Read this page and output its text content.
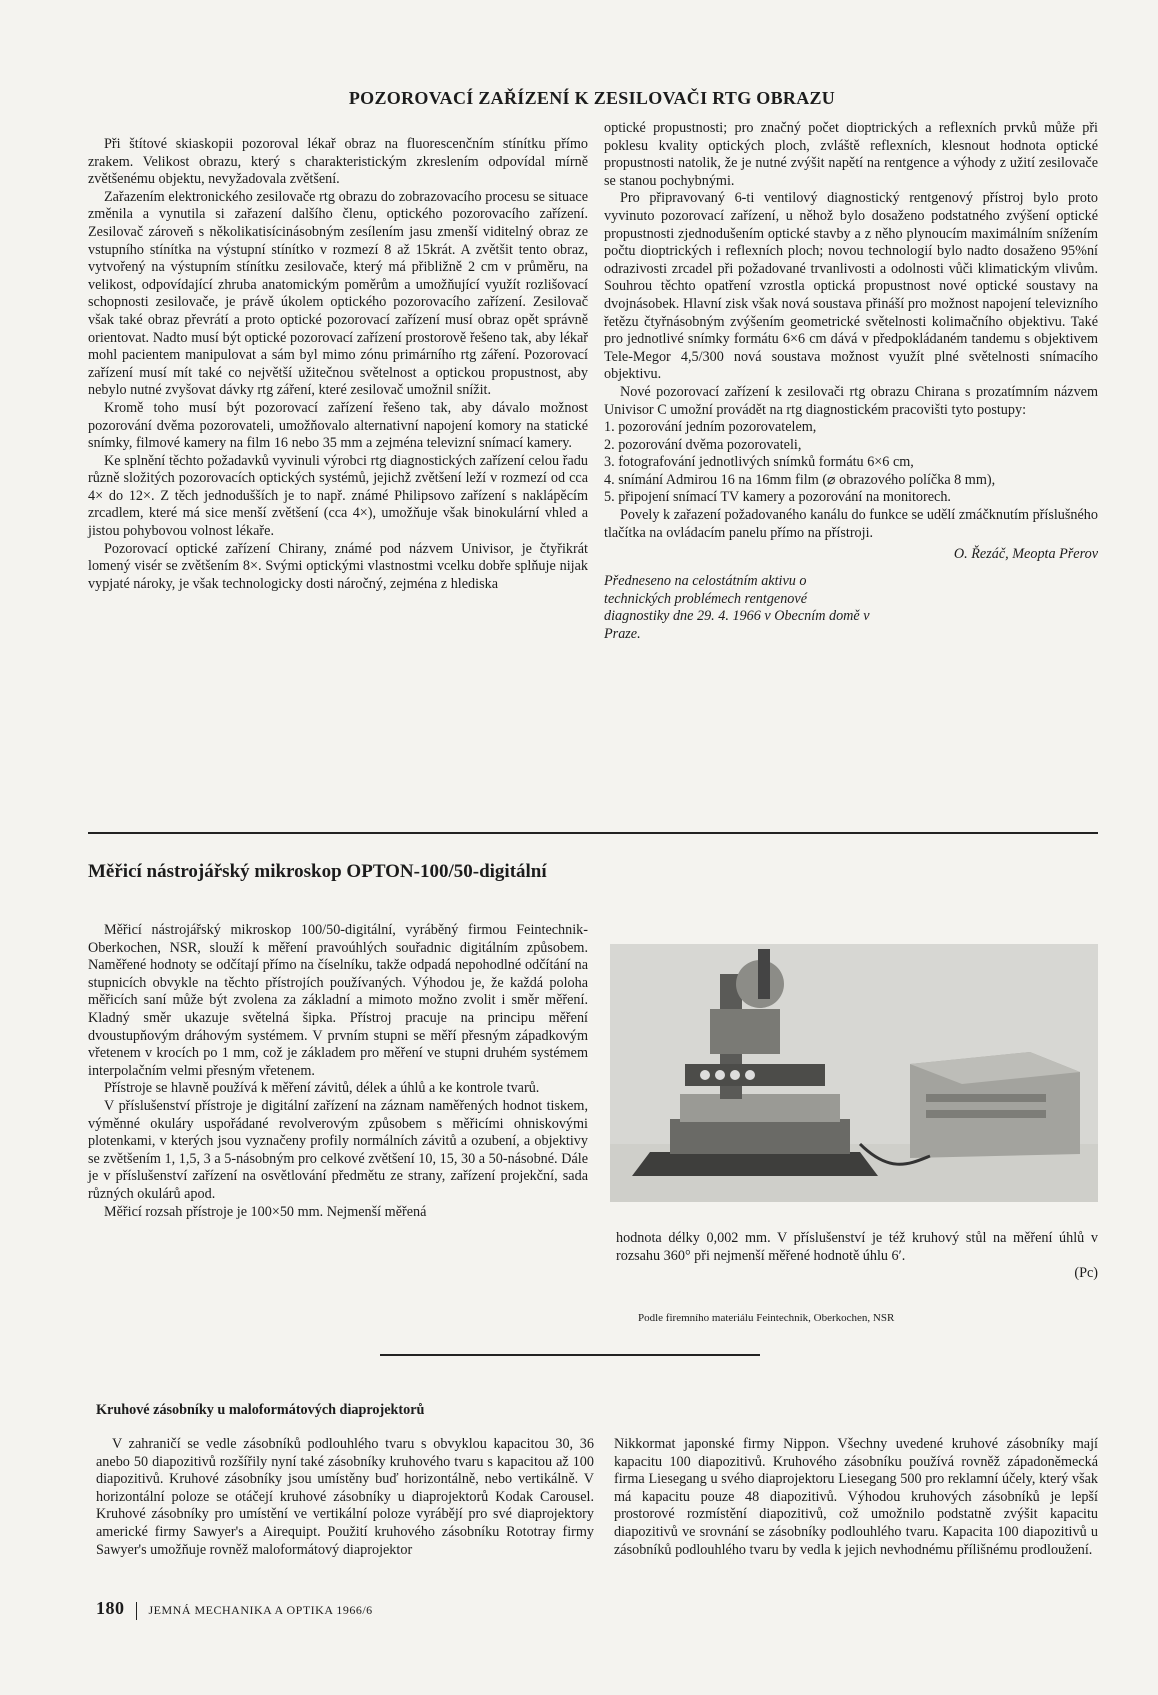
POZOROVACÍ ZAŘÍZENÍ K ZESILOVAČI RTG OBRAZU

Při štítové skiaskopii pozoroval lékař obraz na fluorescenčním stínítku přímo zrakem. Velikost obrazu, který s charakteristickým zkreslením odpovídal mírně zvětšenému objektu, nevyžadovala zvětšení.

Zařazením elektronického zesilovače rtg obrazu do zobrazovacího procesu se situace změnila a vynutila si zařazení dalšího členu, optického pozorovacího zařízení. Zesilovač zároveň s několikatisícinásobným zesílením jasu zmenší viditelný obraz ze vstupního stínítka na výstupní stínítko v rozmezí 8 až 15krát. A zvětšit tento obraz, vytvořený na výstupním stínítku zesilovače, který má přibližně 2 cm v průměru, na velikost, odpovídající zhruba anatomickým poměrům a umožňující využít rozlišovací schopnosti zesilovače, je právě úkolem optického pozorovacího zařízení. Zesilovač však také obraz převrátí a proto optické pozorovací zařízení musí obraz opět správně orientovat. Nadto musí být optické pozorovací zařízení prostorově řešeno tak, aby lékař mohl pacientem manipulovat a sám byl mimo zónu primárního rtg záření. Pozorovací zařízení musí mít také co největší užitečnou světelnost a optickou propustnost, aby nebylo nutné zvyšovat dávky rtg záření, které zesilovač umožnil snížit.

Kromě toho musí být pozorovací zařízení řešeno tak, aby dávalo možnost pozorování dvěma pozorovateli, umožňovalo alternativní napojení komory na statické snímky, filmové kamery na film 16 nebo 35 mm a zejména televizní snímací kamery.

Ke splnění těchto požadavků vyvinuli výrobci rtg diagnostických zařízení celou řadu různě složitých pozorovacích optických systémů, jejichž zvětšení leží v rozmezí od cca 4× do 12×. Z těch jednodušších je to např. známé Philipsovo zařízení s naklápěcím zrcadlem, které má sice menší zvětšení (cca 4×), umožňuje však binokulární vhled a jistou pohybovou volnost lékaře.

Pozorovací optické zařízení Chirany, známé pod názvem Univisor, je čtyřikrát lomený visér se zvětšením 8×. Svými optickými vlastnostmi vcelku dobře splňuje nijak vypjaté nároky, je však technologicky dosti náročný, zejména z hlediska

optické propustnosti; pro značný počet dioptrických a reflexních prvků může při poklesu kvality optických ploch, zvláště reflexních, klesnout hodnota optické propustnosti natolik, že je nutné zvýšit napětí na rentgence a výhody z užití zesilovače se stanou pochybnými.

Pro připravovaný 6-ti ventilový diagnostický rentgenový přístroj bylo proto vyvinuto pozorovací zařízení, u něhož bylo dosaženo podstatného zvýšení optické propustnosti zjednodušením optické stavby a z něho plynoucím maximálním snížením počtu dioptrických i reflexních ploch; novou technologií bylo nadto dosaženo 95%ní odrazivosti zrcadel při požadované trvanlivosti a odolnosti vůči klimatickým vlivům. Souhrou těchto opatření vzrostla optická propustnost nové optické soustavy na dvojnásobek. Hlavní zisk však nová soustava přináší pro možnost napojení televizního řetězu čtyřnásobným zvýšením geometrické světelnosti kolimačního objektivu. Také pro jednotlivé snímky formátu 6×6 cm dává v předpokládaném tandemu s objektivem Tele-Megor 4,5/300 nová soustava možnost využít plné světelnosti snímacího objektivu.

Nové pozorovací zařízení k zesilovači rtg obrazu Chirana s prozatímním názvem Univisor C umožní provádět na rtg diagnostickém pracovišti tyto postupy:

1. pozorování jedním pozorovatelem,
2. pozorování dvěma pozorovateli,
3. fotografování jednotlivých snímků formátu 6×6 cm,
4. snímání Admirou 16 na 16mm film (⌀ obrazového políčka 8 mm),
5. připojení snímací TV kamery a pozorování na monitorech.

Povely k zařazení požadovaného kanálu do funkce se udělí zmáčknutím příslušného tlačítka na ovládacím panelu přímo na přístroji.

O. Řezáč, Meopta Přerov
Předneseno na celostátním aktivu o technických problémech rentgenové diagnostiky dne 29. 4. 1966 v Obecním domě v Praze.
Měřicí nástrojářský mikroskop OPTON-100/50-digitální

Měřicí nástrojářský mikroskop 100/50-digitální, vyráběný firmou Feintechnik-Oberkochen, NSR, slouží k měření pravoúhlých souřadnic digitálním způsobem. Naměřené hodnoty se odčítají přímo na číselníku, takže odpadá nepohodlné odčítání na stupnicích obvykle na těchto přístrojích používaných. Výhodou je, že každá poloha měřicích saní může být zvolena za základní a mimoto možno zvolit i směr měření. Kladný směr ukazuje světelná šipka. Přístroj pracuje na principu měření dvoustupňovým dráhovým systémem. V prvním stupni se měří přesným západkovým vřetenem v krocích po 1 mm, což je základem pro měření ve stupni druhém systémem interpolačním velmi přesným vřetenem.

Přístroje se hlavně používá k měření závitů, délek a úhlů a ke kontrole tvarů.

V příslušenství přístroje je digitální zařízení na záznam naměřených hodnot tiskem, výměnné okuláry uspořádané revolverovým způsobem s měřicími ohniskovými plotenkami, v kterých jsou vyznačeny profily normálních závitů a ozubení, a objektivy se zvětšením 1, 1,5, 3 a 5-násobným pro celkové zvětšení 10, 15, 30 a 50-násobné. Dále je v příslušenství zařízení na osvětlování předmětu ze strany, zařízení projekční, sada různých okulárů apod.

Měřicí rozsah přístroje je 100×50 mm. Nejmenší měřená

hodnota délky 0,002 mm. V příslušenství je též kruhový stůl na měření úhlů v rozsahu 360° při nejmenší měřené hodnotě úhlu 6′.

(Pc)
Podle firemního materiálu Feintechnik, Oberkochen, NSR
Kruhové zásobníky u maloformátových diaprojektorů

V zahraničí se vedle zásobníků podlouhlého tvaru s obvyklou kapacitou 30, 36 anebo 50 diapozitivů rozšířily nyní také zásobníky kruhového tvaru s kapacitou až 100 diapozitivů. Kruhové zásobníky jsou umístěny buď horizontálně, nebo vertikálně. V horizontální poloze se otáčejí kruhové zásobníky u diaprojektorů Kodak Carousel. Kruhové zásobníky pro umístění ve vertikální poloze vyrábějí pro své diaprojektory americké firmy Sawyer's a Airequipt. Použití kruhového zásobníku Rototray firmy Sawyer's umožňuje rovněž maloformátový diaprojektor

Nikkormat japonské firmy Nippon. Všechny uvedené kruhové zásobníky mají kapacitu 100 diapozitivů. Kruhového zásobníku používá rovněž západoněmecká firma Liesegang u svého diaprojektoru Liesegang 500 pro reklamní účely, který však má kapacitu pouze 48 diapozitivů. Výhodou kruhových zásobníků je lepší prostorové rozmístění diapozitivů, což umožnilo podstatně zvýšit kapacitu diapozitivů ve srovnání se zásobníky podlouhlého tvaru. Kapacita 100 diapozitivů u zásobníků podlouhlého tvaru by vedla k jejich nevhodnému přílišnému prodloužení.

180 JEMNÁ MECHANIKA A OPTIKA 1966/6
